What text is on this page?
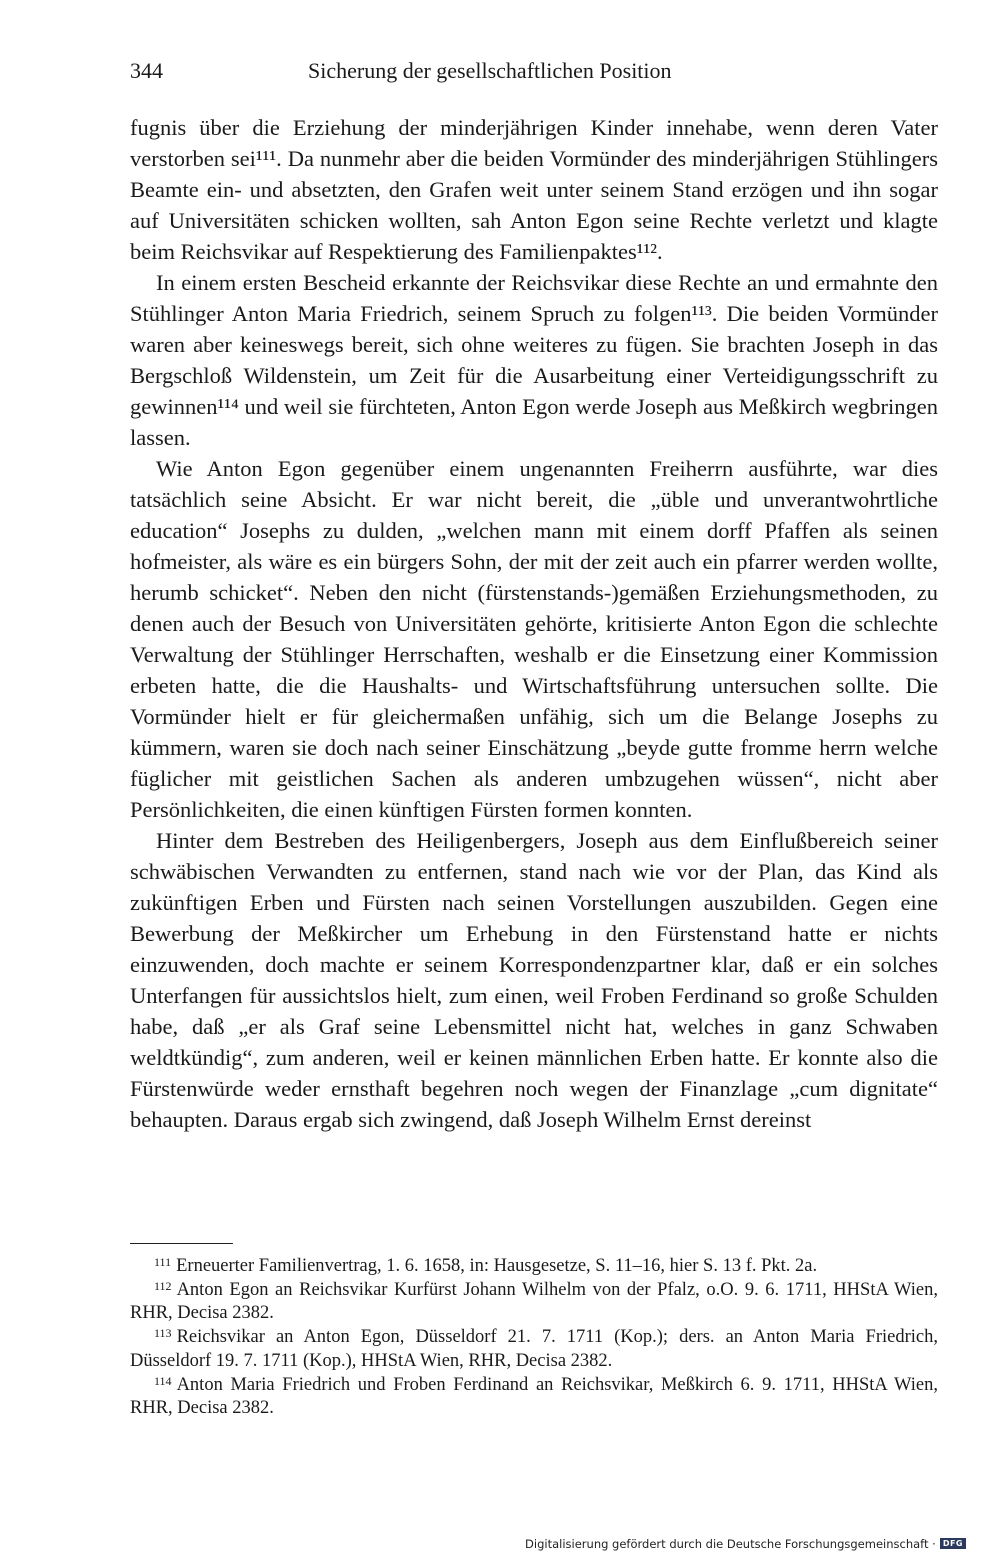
344	Sicherung der gesellschaftlichen Position

fugnis über die Erziehung der minderjährigen Kinder innehabe, wenn deren Vater verstorben sei¹¹¹. Da nunmehr aber die beiden Vormünder des minderjährigen Stühlingers Beamte ein- und absetzten, den Grafen weit unter seinem Stand erzögen und ihn sogar auf Universitäten schicken wollten, sah Anton Egon seine Rechte verletzt und klagte beim Reichsvikar auf Respektierung des Familienpaktes¹¹².

In einem ersten Bescheid erkannte der Reichsvikar diese Rechte an und ermahnte den Stühlinger Anton Maria Friedrich, seinem Spruch zu folgen¹¹³. Die beiden Vormünder waren aber keineswegs bereit, sich ohne weiteres zu fügen. Sie brachten Joseph in das Bergschloß Wildenstein, um Zeit für die Ausarbeitung einer Verteidigungsschrift zu gewinnen¹¹⁴ und weil sie fürchteten, Anton Egon werde Joseph aus Meßkirch wegbringen lassen.

Wie Anton Egon gegenüber einem ungenannten Freiherrn ausführte, war dies tatsächlich seine Absicht. Er war nicht bereit, die „üble und unverantwohrtliche education“ Josephs zu dulden, „welchen mann mit einem dorff Pfaffen als seinen hofmeister, als wäre es ein bürgers Sohn, der mit der zeit auch ein pfarrer werden wollte, herumb schicket“. Neben den nicht (fürstenstands-)gemäßen Erziehungsmethoden, zu denen auch der Besuch von Universitäten gehörte, kritisierte Anton Egon die schlechte Verwaltung der Stühlinger Herrschaften, weshalb er die Einsetzung einer Kommission erbeten hatte, die die Haushalts- und Wirtschaftsführung untersuchen sollte. Die Vormünder hielt er für gleichermaßen unfähig, sich um die Belange Josephs zu kümmern, waren sie doch nach seiner Einschätzung „beyde gutte fromme herrn welche füglicher mit geistlichen Sachen als anderen umbzugehen wüssen“, nicht aber Persönlichkeiten, die einen künftigen Fürsten formen konnten.

Hinter dem Bestreben des Heiligenbergers, Joseph aus dem Einflußbereich seiner schwäbischen Verwandten zu entfernen, stand nach wie vor der Plan, das Kind als zukünftigen Erben und Fürsten nach seinen Vorstellungen auszubilden. Gegen eine Bewerbung der Meßkircher um Erhebung in den Fürstenstand hatte er nichts einzuwenden, doch machte er seinem Korrespondenzpartner klar, daß er ein solches Unterfangen für aussichtslos hielt, zum einen, weil Froben Ferdinand so große Schulden habe, daß „er als Graf seine Lebensmittel nicht hat, welches in ganz Schwaben weldtkündig“, zum anderen, weil er keinen männlichen Erben hatte. Er konnte also die Fürstenwürde weder ernsthaft begehren noch wegen der Finanzlage „cum dignitate“ behaupten. Daraus ergab sich zwingend, daß Joseph Wilhelm Ernst dereinst

$^{111}$ Erneuerter Familienvertrag, 1. 6. 1658, in: Hausgesetze, S. 11–16, hier S. 13 f. Pkt. 2a.

$^{112}$ Anton Egon an Reichsvikar Kurfürst Johann Wilhelm von der Pfalz, o.O. 9. 6. 1711, HHStA Wien, RHR, Decisa 2382.

$^{113}$ Reichsvikar an Anton Egon, Düsseldorf 21. 7. 1711 (Kop.); ders. an Anton Maria Friedrich, Düsseldorf 19. 7. 1711 (Kop.), HHStA Wien, RHR, Decisa 2382.

$^{114}$ Anton Maria Friedrich und Froben Ferdinand an Reichsvikar, Meßkirch 6. 9. 1711, HHStA Wien, RHR, Decisa 2382.

Digitalisierung gefördert durch die Deutsche Forschungsgemeinschaft · DFG
